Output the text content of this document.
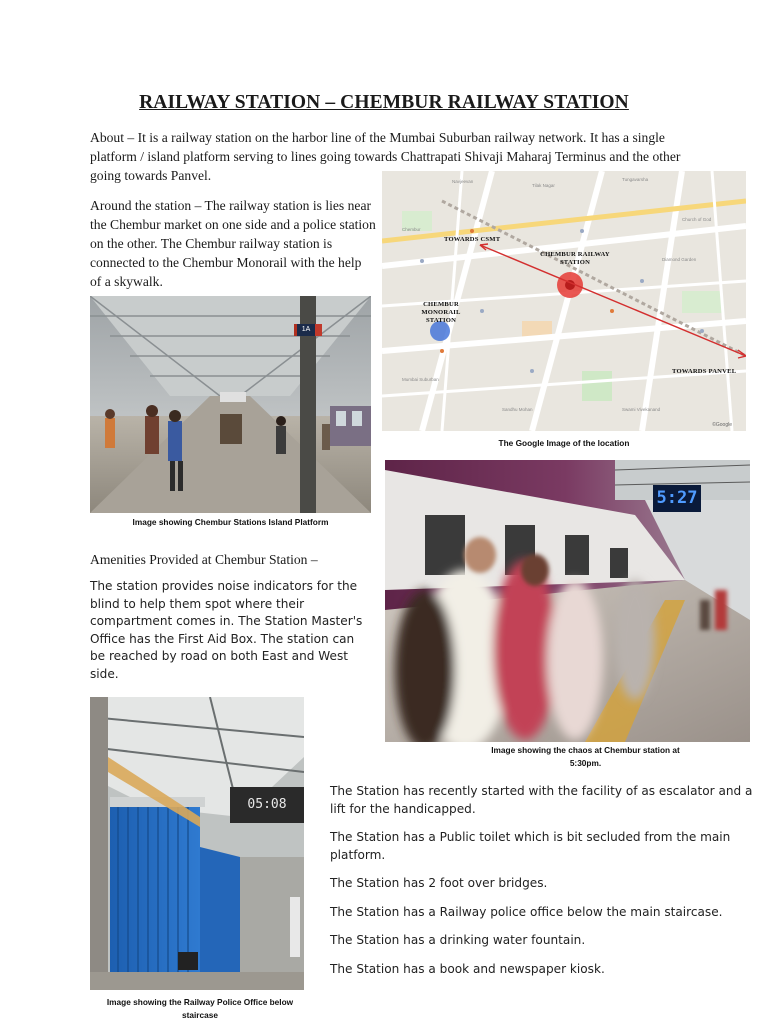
RAILWAY STATION – CHEMBUR RAILWAY STATION

About – It is a railway station on the harbor line of the Mumbai Suburban railway network. It has a single platform / island platform serving to lines going towards Chattrapati Shivaji Maharaj Terminus and the other going towards Panvel.

Around the station – The railway station is lies near the Chembur market on one side and a police station on the other. The Chembur railway station is connected to the Chembur Monorail with the help of a skywalk.

Navjeevan
Tilak Nagar
Tungavarsha
Chembur
Church of God
Diamond Garden
Mumbai Suburban
Sandhu Mohan	Swami Vivekanand
©Google
TOWARDS CSMT
CHEMBUR RAILWAY STATION
CHEMBUR MONORAIL STATION
TOWARDS PANVEL
The Google Image of the location
1A
Image showing Chembur Stations Island Platform

Amenities Provided at Chembur Station –

The station provides noise indicators for the blind to help them spot where their compartment comes in. The Station Master's Office has the First Aid Box. The station can be reached by road on both East and West side.

5:27
Image showing the chaos at Chembur station at 5:30pm.
05:08
Image showing the Railway Police Office below staircase

The Station has recently started with the facility of as escalator and a lift for the handicapped.

The Station has a Public toilet which is bit secluded from the main platform.

The Station has 2 foot over bridges.

The Station has a Railway police office below the main staircase.

The Station has a drinking water fountain.

The Station has a book and newspaper kiosk.
